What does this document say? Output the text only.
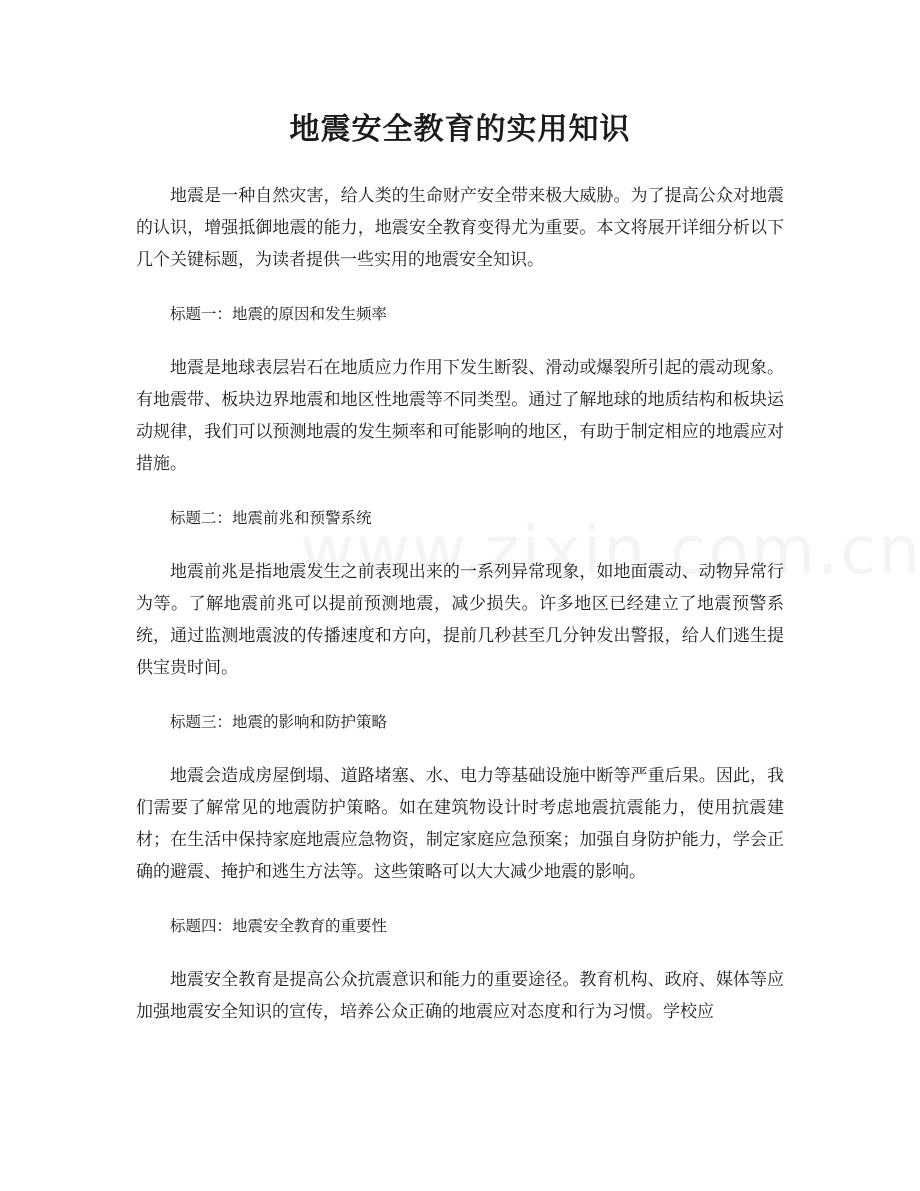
地震安全教育的实用知识

地震是一种自然灾害，给人类的生命财产安全带来极大威胁。为了提高公众对地震的认识，增强抵御地震的能力，地震安全教育变得尤为重要。本文将展开详细分析以下几个关键标题，为读者提供一些实用的地震安全知识。

标题一：地震的原因和发生频率

地震是地球表层岩石在地质应力作用下发生断裂、滑动或爆裂所引起的震动现象。有地震带、板块边界地震和地区性地震等不同类型。通过了解地球的地质结构和板块运动规律，我们可以预测地震的发生频率和可能影响的地区，有助于制定相应的地震应对措施。

标题二：地震前兆和预警系统

地震前兆是指地震发生之前表现出来的一系列异常现象，如地面震动、动物异常行为等。了解地震前兆可以提前预测地震，减少损失。许多地区已经建立了地震预警系统，通过监测地震波的传播速度和方向，提前几秒甚至几分钟发出警报，给人们逃生提供宝贵时间。

标题三：地震的影响和防护策略

地震会造成房屋倒塌、道路堵塞、水、电力等基础设施中断等严重后果。因此，我们需要了解常见的地震防护策略。如在建筑物设计时考虑地震抗震能力，使用抗震建材；在生活中保持家庭地震应急物资，制定家庭应急预案；加强自身防护能力，学会正确的避震、掩护和逃生方法等。这些策略可以大大减少地震的影响。

标题四：地震安全教育的重要性

地震安全教育是提高公众抗震意识和能力的重要途径。教育机构、政府、媒体等应加强地震安全知识的宣传，培养公众正确的地震应对态度和行为习惯。学校应
